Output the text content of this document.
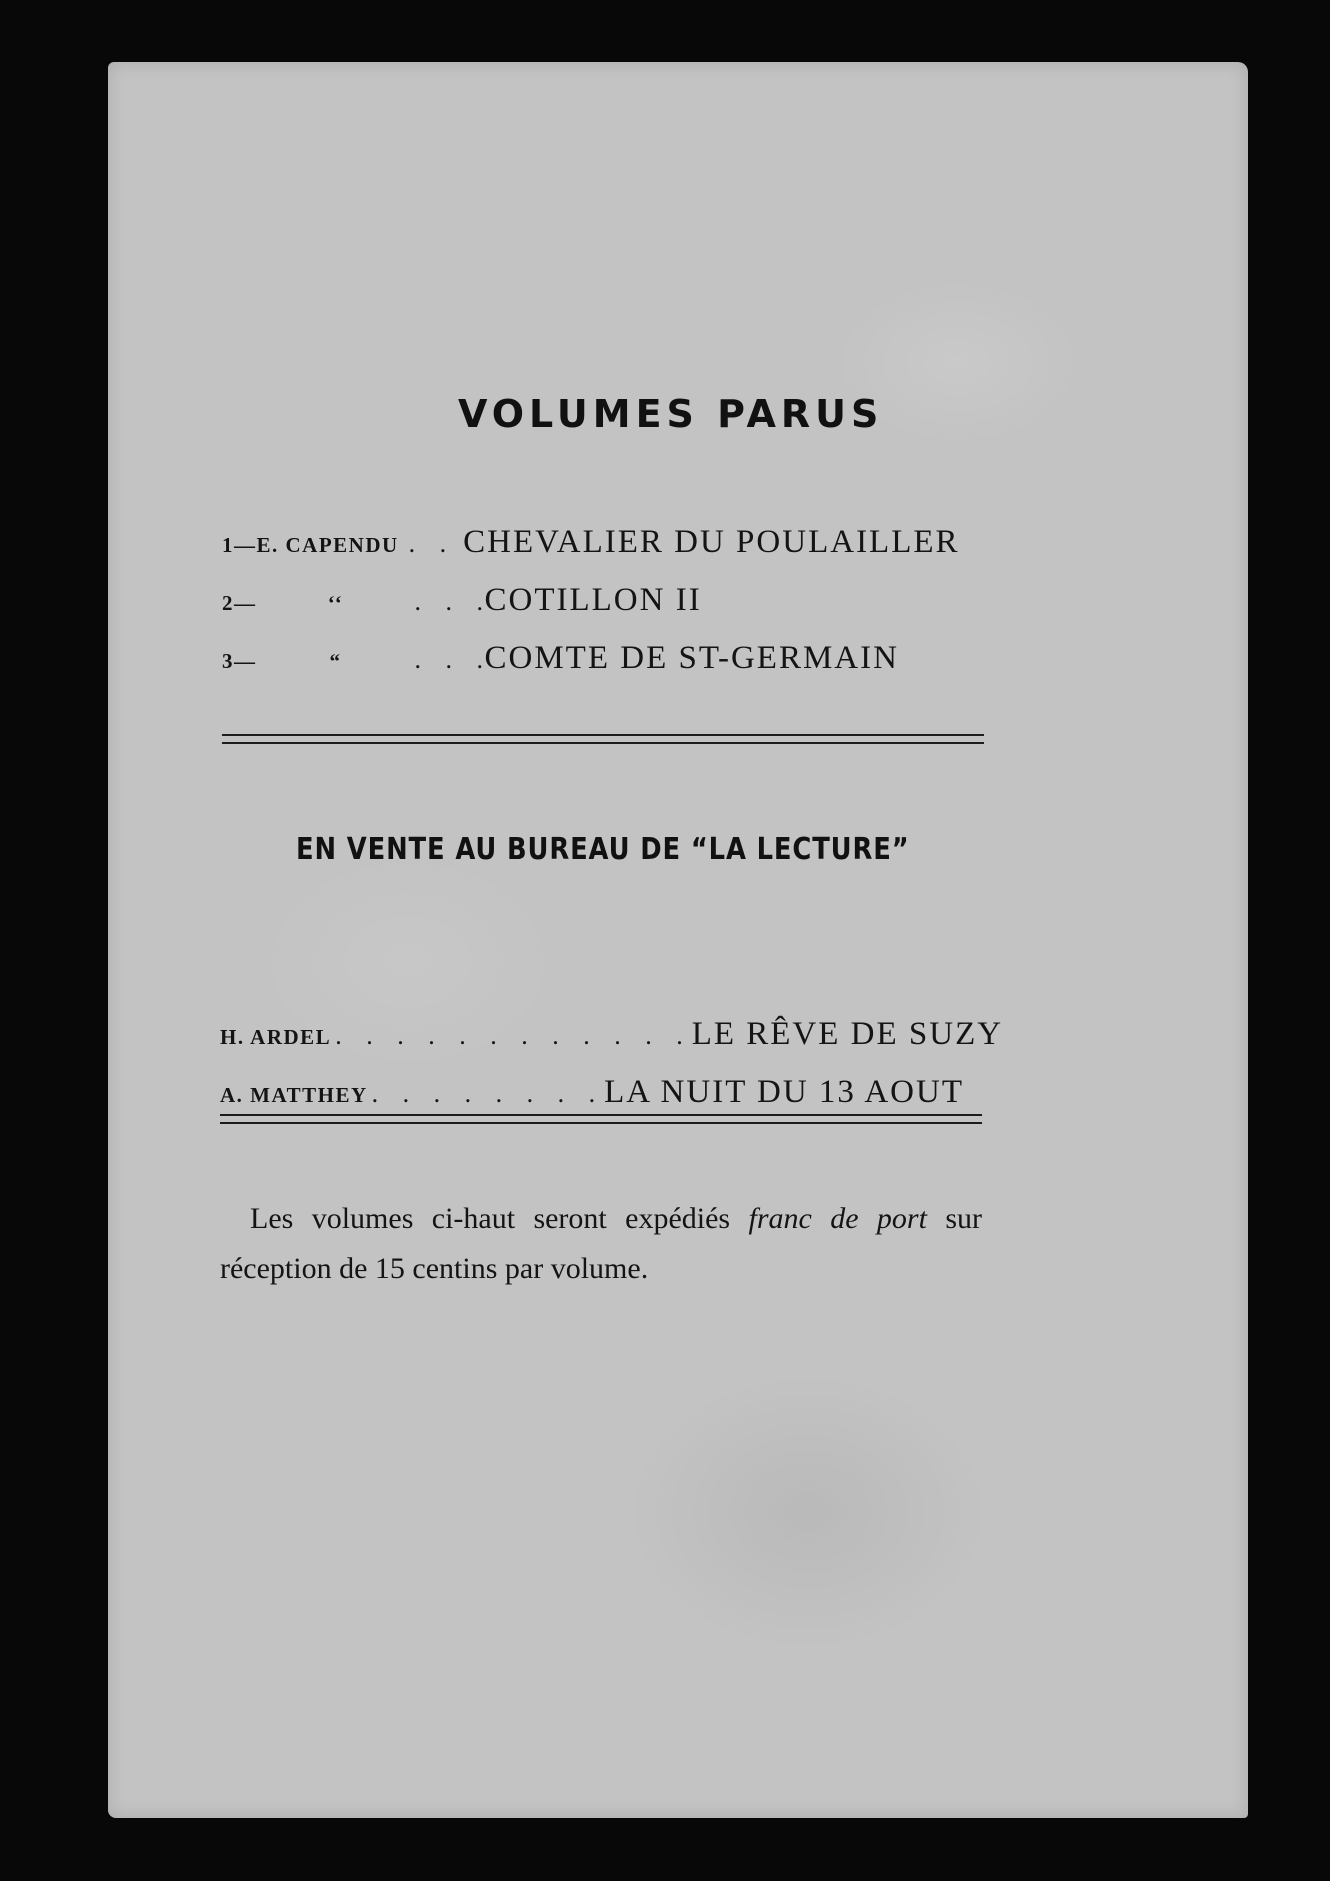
VOLUMES PARUS
1—E. CAPENDU . . CHEVALIER DU POULAILLER
2—	‘‘	. . .COTILLON II
3—	“	. . .COMTE DE ST-GERMAIN
EN VENTE AU BUREAU DE “LA LECTURE”
H. ARDEL . . . . . . . . . . . .LE RÊVE DE SUZY
A. MATTHEY . . . . . . . .LA NUIT DU 13 AOUT
Les volumes ci-haut seront expédiés franc de port sur
réception de 15 centins par volume.
